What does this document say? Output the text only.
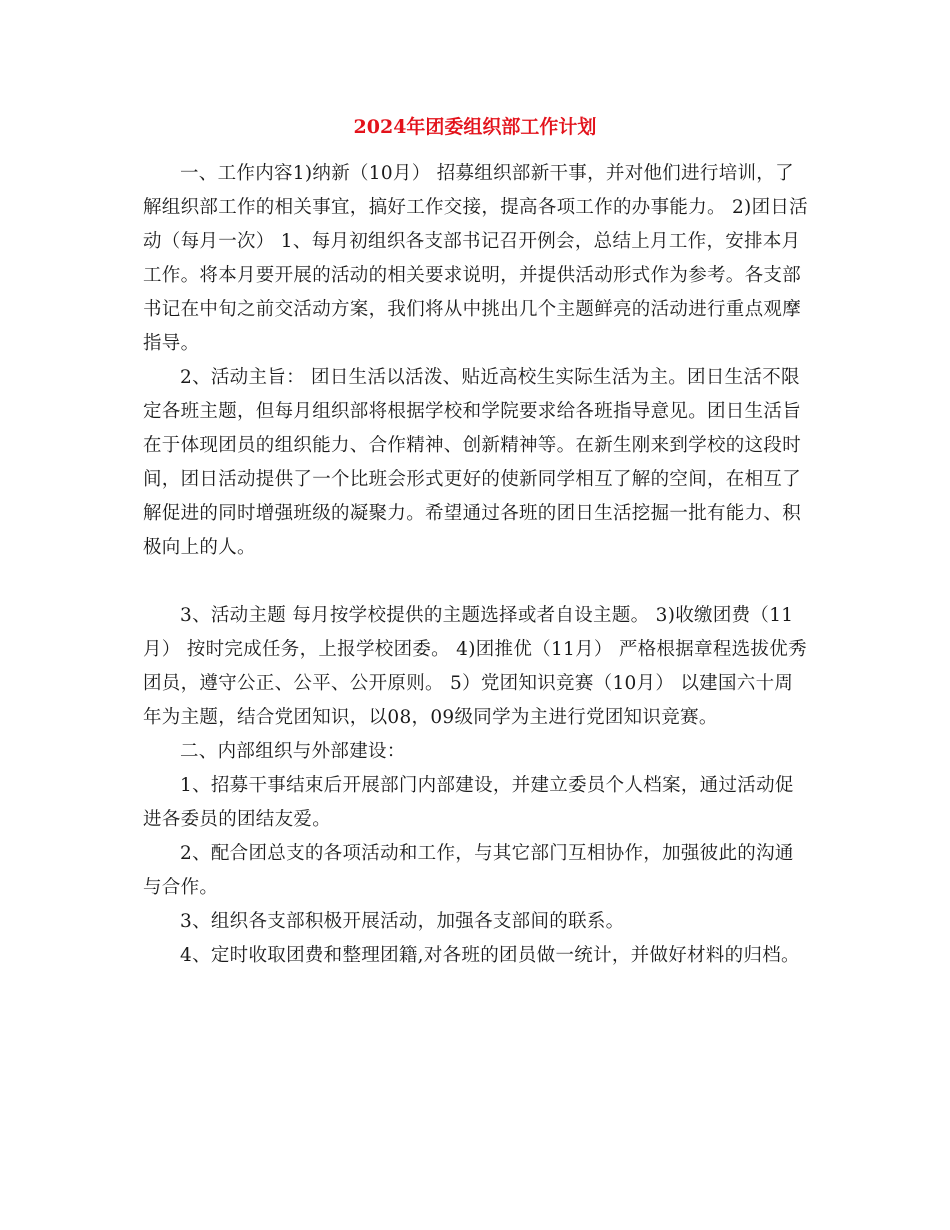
2024年团委组织部工作计划

一、工作内容1)纳新（10月） 招募组织部新干事，并对他们进行培训，了解组织部工作的相关事宜，搞好工作交接，提高各项工作的办事能力。 2)团日活动（每月一次） 1、每月初组织各支部书记召开例会，总结上月工作，安排本月工作。将本月要开展的活动的相关要求说明，并提供活动形式作为参考。各支部书记在中旬之前交活动方案，我们将从中挑出几个主题鲜亮的活动进行重点观摩指导。

2、活动主旨： 团日生活以活泼、贴近高校生实际生活为主。团日生活不限定各班主题，但每月组织部将根据学校和学院要求给各班指导意见。团日生活旨在于体现团员的组织能力、合作精神、创新精神等。在新生刚来到学校的这段时间，团日活动提供了一个比班会形式更好的使新同学相互了解的空间，在相互了解促进的同时增强班级的凝聚力。希望通过各班的团日生活挖掘一批有能力、积极向上的人。

3、活动主题 每月按学校提供的主题选择或者自设主题。 3)收缴团费（11月） 按时完成任务，上报学校团委。 4)团推优（11月） 严格根据章程选拔优秀团员，遵守公正、公平、公开原则。 5）党团知识竞赛（10月） 以建国六十周年为主题，结合党团知识，以08，09级同学为主进行党团知识竞赛。

二、内部组织与外部建设：

1、招募干事结束后开展部门内部建设，并建立委员个人档案，通过活动促进各委员的团结友爱。

2、配合团总支的各项活动和工作，与其它部门互相协作，加强彼此的沟通与合作。

3、组织各支部积极开展活动，加强各支部间的联系。

4、定时收取团费和整理团籍,对各班的团员做一统计，并做好材料的归档。
